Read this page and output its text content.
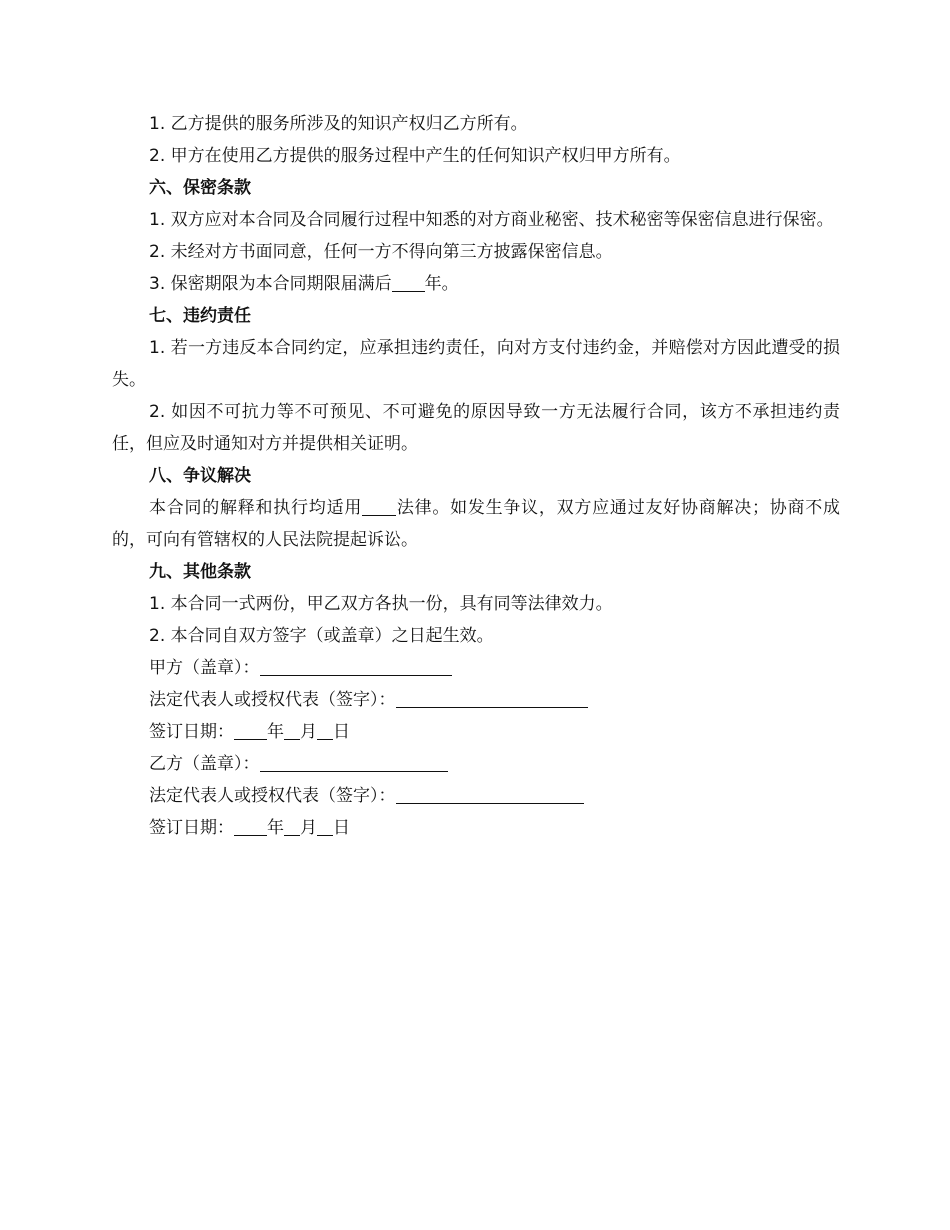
1. 乙方提供的服务所涉及的知识产权归乙方所有。
2. 甲方在使用乙方提供的服务过程中产生的任何知识产权归甲方所有。
六、保密条款
1. 双方应对本合同及合同履行过程中知悉的对方商业秘密、技术秘密等保密信息进行保密。
2. 未经对方书面同意，任何一方不得向第三方披露保密信息。
3. 保密期限为本合同期限届满后 年。
七、违约责任
1. 若一方违反本合同约定，应承担违约责任，向对方支付违约金，并赔偿对方因此遭受的损失。
2. 如因不可抗力等不可预见、不可避免的原因导致一方无法履行合同，该方不承担违约责任，但应及时通知对方并提供相关证明。
八、争议解决
本合同的解释和执行均适用 法律。如发生争议，双方应通过友好协商解决；协商不成的，可向有管辖权的人民法院提起诉讼。
九、其他条款
1. 本合同一式两份，甲乙双方各执一份，具有同等法律效力。
2. 本合同自双方签字（或盖章）之日起生效。
甲方（盖章）：
法定代表人或授权代表（签字）：
签订日期： 年 月 日
乙方（盖章）：
法定代表人或授权代表（签字）：
签订日期： 年 月 日
